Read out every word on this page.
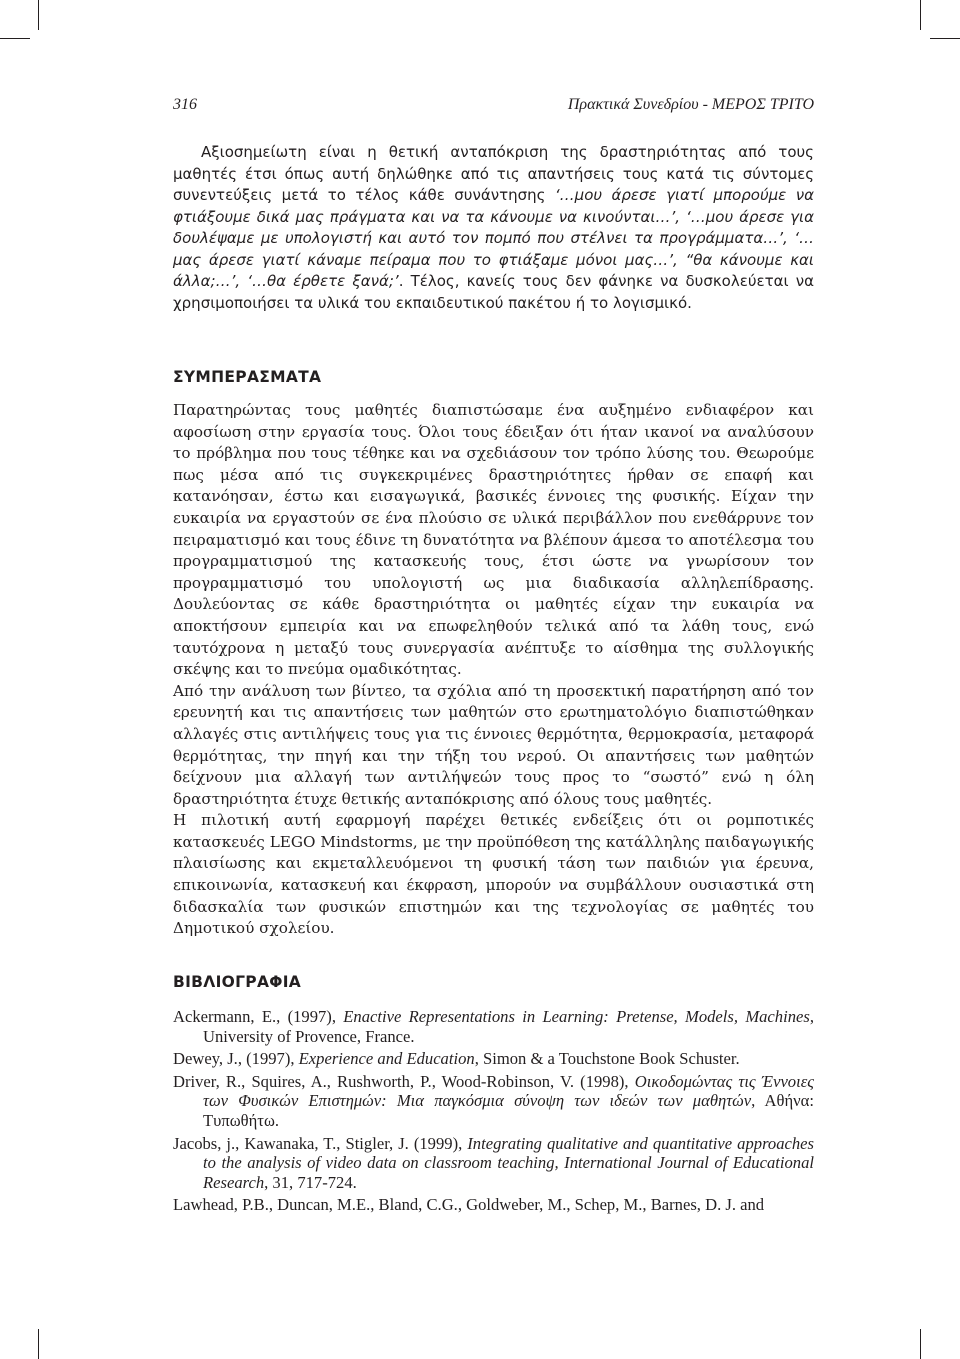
316	Πρακτικά Συνεδρίου - ΜΕΡΟΣ ΤΡΙΤΟ
Αξιοσημείωτη είναι η θετική ανταπόκριση της δραστηριότητας από τους μαθητές έτσι όπως αυτή δηλώθηκε από τις απαντήσεις τους κατά τις σύντομες συνεντεύξεις μετά το τέλος κάθε συνάντησης ‘…μου άρεσε γιατί μπορούμε να φτιάξουμε δικά μας πράγματα και να τα κάνουμε να κινούνται…’, ‘…μου άρεσε για δουλέψαμε με υπολογιστή και αυτό τον πομπό που στέλνει τα προγράμματα…’, ‘…μας άρεσε γιατί κάναμε πείραμα που το φτιάξαμε μόνοι μας…’, “θα κάνουμε και άλλα;…’, ‘…θα έρθετε ξανά;’. Τέλος, κανείς τους δεν φάνηκε να δυσκολεύεται να χρησιμοποιήσει τα υλικά του εκπαιδευτικού πακέτου ή το λογισμικό.
ΣΥΜΠΕΡΑΣΜΑΤΑ

Παρατηρώντας τους μαθητές διαπιστώσαμε ένα αυξημένο ενδιαφέρον και αφοσίωση στην εργασία τους. Όλοι τους έδειξαν ότι ήταν ικανοί να αναλύσουν το πρόβλημα που τους τέθηκε και να σχεδιάσουν τον τρόπο λύσης του. Θεωρούμε πως μέσα από τις συγκεκριμένες δραστηριότητες ήρθαν σε επαφή και κατανόησαν, έστω και εισαγωγικά, βασικές έννοιες της φυσικής. Είχαν την ευκαιρία να εργαστούν σε ένα πλούσιο σε υλικά περιβάλλον που ενεθάρρυνε τον πειραματισμό και τους έδινε τη δυνατότητα να βλέπουν άμεσα το αποτέλεσμα του προγραμματισμού της κατασκευής τους, έτσι ώστε να γνωρίσουν τον προγραμματισμό του υπολογιστή ως μια διαδικασία αλληλεπίδρασης. Δουλεύοντας σε κάθε δραστηριότητα οι μαθητές είχαν την ευκαιρία να αποκτήσουν εμπειρία και να επωφεληθούν τελικά από τα λάθη τους, ενώ ταυτόχρονα η μεταξύ τους συνεργασία ανέπτυξε το αίσθημα της συλλογικής σκέψης και το πνεύμα ομαδικότητας.

Από την ανάλυση των βίντεο, τα σχόλια από τη προσεκτική παρατήρηση από τον ερευνητή και τις απαντήσεις των μαθητών στο ερωτηματολόγιο διαπιστώθηκαν αλλαγές στις αντιλήψεις τους για τις έννοιες θερμότητα, θερμοκρασία, μεταφορά θερμότητας, την πηγή και την τήξη του νερού. Οι απαντήσεις των μαθητών δείχνουν μια αλλαγή των αντιλήψεών τους προς το “σωστό” ενώ η όλη δραστηριότητα έτυχε θετικής ανταπόκρισης από όλους τους μαθητές.

Η πιλοτική αυτή εφαρμογή παρέχει θετικές ενδείξεις ότι οι ρομποτικές κατασκευές LEGO Mindstorms, με την προϋπόθεση της κατάλληλης παιδαγωγικής πλαισίωσης και εκμεταλλευόμενοι τη φυσική τάση των παιδιών για έρευνα, επικοινωνία, κατασκευή και έκφραση, μπορούν να συμβάλλουν ουσιαστικά στη διδασκαλία των φυσικών επιστημών και της τεχνολογίας σε μαθητές του Δημοτικού σχολείου.

ΒΙΒΛΙΟΓΡΑΦΙΑ

Ackermann, E., (1997), Enactive Representations in Learning: Pretense, Models, Machines, University of Provence, France.

Dewey, J., (1997), Experience and Education, Simon & a Touchstone Book Schuster.

Driver, R., Squires, A., Rushworth, P., Wood-Robinson, V. (1998), Οικοδομώντας τις Έννοιες των Φυσικών Επιστημών: Μια παγκόσμια σύνοψη των ιδεών των μαθητών, Αθήνα: Τυπωθήτω.

Jacobs, j., Kawanaka, T., Stigler, J. (1999), Integrating qualitative and quantitative approaches to the analysis of video data on classroom teaching, International Journal of Educational Research, 31, 717-724.

Lawhead, P.B., Duncan, M.E., Bland, C.G., Goldweber, M., Schep, M., Barnes, D. J. and
